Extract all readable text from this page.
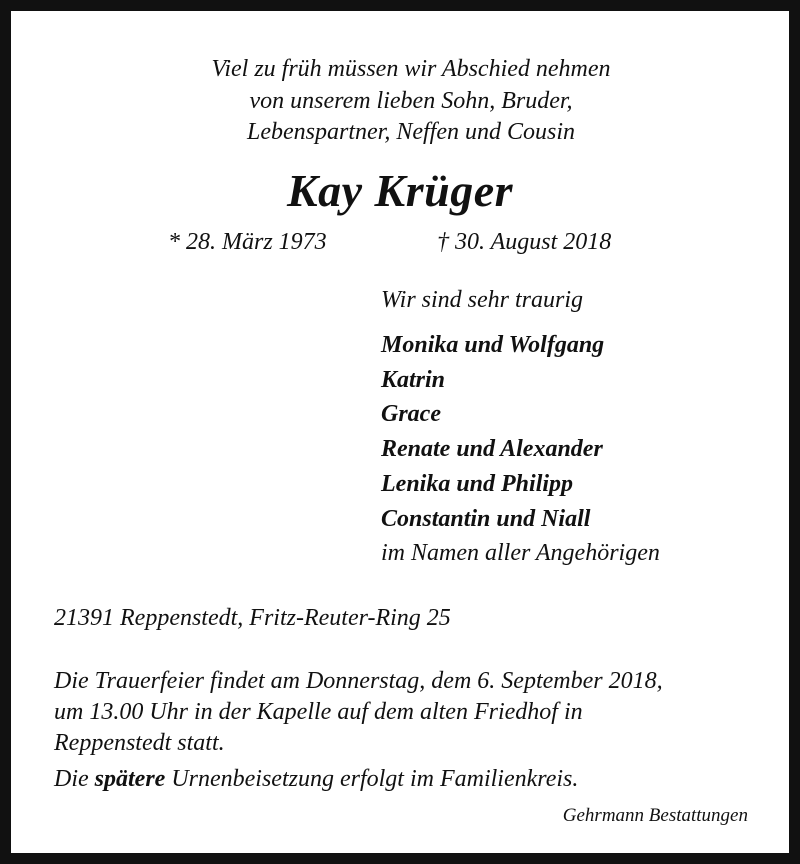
Viel zu früh müssen wir Abschied nehmen

von unserem lieben Sohn, Bruder,

Lebenspartner, Neffen und Cousin

Kay Krüger

* 28. März 1973	† 30. August 2018

Wir sind sehr traurig

Monika und Wolfgang

Katrin

Grace

Renate und Alexander

Lenika und Philipp

Constantin und Niall

im Namen aller Angehörigen

21391 Reppenstedt, Fritz-Reuter-Ring 25

Die Trauerfeier findet am Donnerstag, dem 6. September 2018,

um 13.00 Uhr in der Kapelle auf dem alten Friedhof in

Reppenstedt statt.

Die spätere Urnenbeisetzung erfolgt im Familienkreis.

Gehrmann Bestattungen
